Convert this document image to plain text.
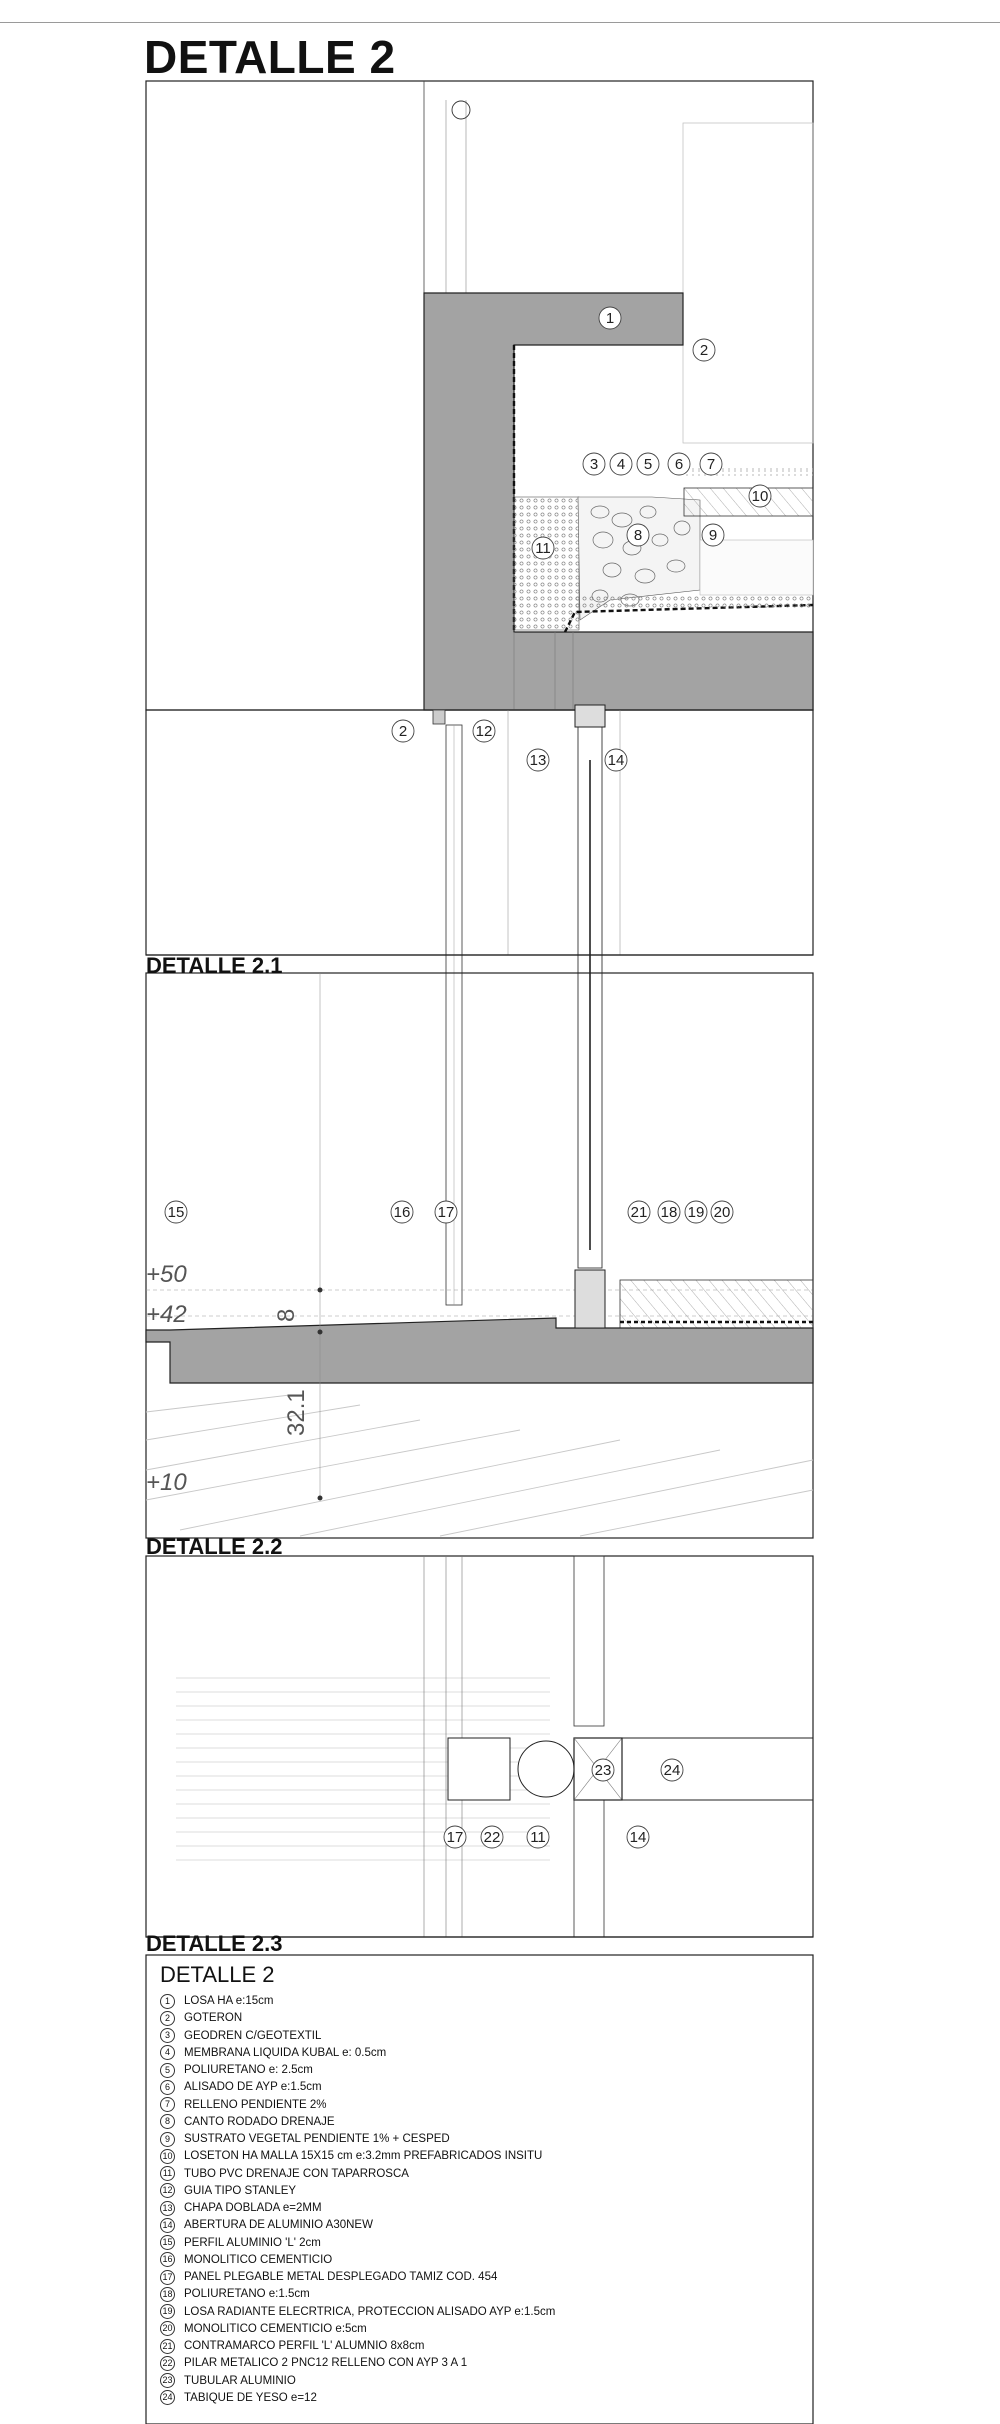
DETALLE 2
+50
+42
+10
8
32.1
1
2
2
3 4 5 6 7
8	9
10
11
11
12
13	14
14
15	16 17
17
18 19 20
21
22
23	24
DETALLE 2.1
DETALLE 2.2
DETALLE 2.3
DETALLE 2
1	LOSA HA e:15cm
2	GOTERON
3	GEODREN C/GEOTEXTIL
4	MEMBRANA LIQUIDA KUBAL e: 0.5cm
5	POLIURETANO e: 2.5cm
6	ALISADO DE AYP e:1.5cm
7	RELLENO PENDIENTE 2%
8	CANTO RODADO DRENAJE
9	SUSTRATO VEGETAL PENDIENTE 1% + CESPED
10 LOSETON HA MALLA 15X15 cm e:3.2mm PREFABRICADOS INSITU
11 TUBO PVC DRENAJE CON TAPARROSCA
12 GUIA TIPO STANLEY
13 CHAPA DOBLADA e=2MM
14 ABERTURA DE ALUMINIO A30NEW
15 PERFIL ALUMINIO 'L' 2cm
16 MONOLITICO CEMENTICIO
17 PANEL PLEGABLE METAL DESPLEGADO TAMIZ COD. 454
18 POLIURETANO e:1.5cm
19 LOSA RADIANTE ELECRTRICA, PROTECCION ALISADO AYP e:1.5cm
20 MONOLITICO CEMENTICIO e:5cm
21 CONTRAMARCO PERFIL 'L' ALUMNIO 8x8cm
22 PILAR METALICO 2 PNC12 RELLENO CON AYP 3 A 1
23 TUBULAR ALUMINIO
24 TABIQUE DE YESO e=12
